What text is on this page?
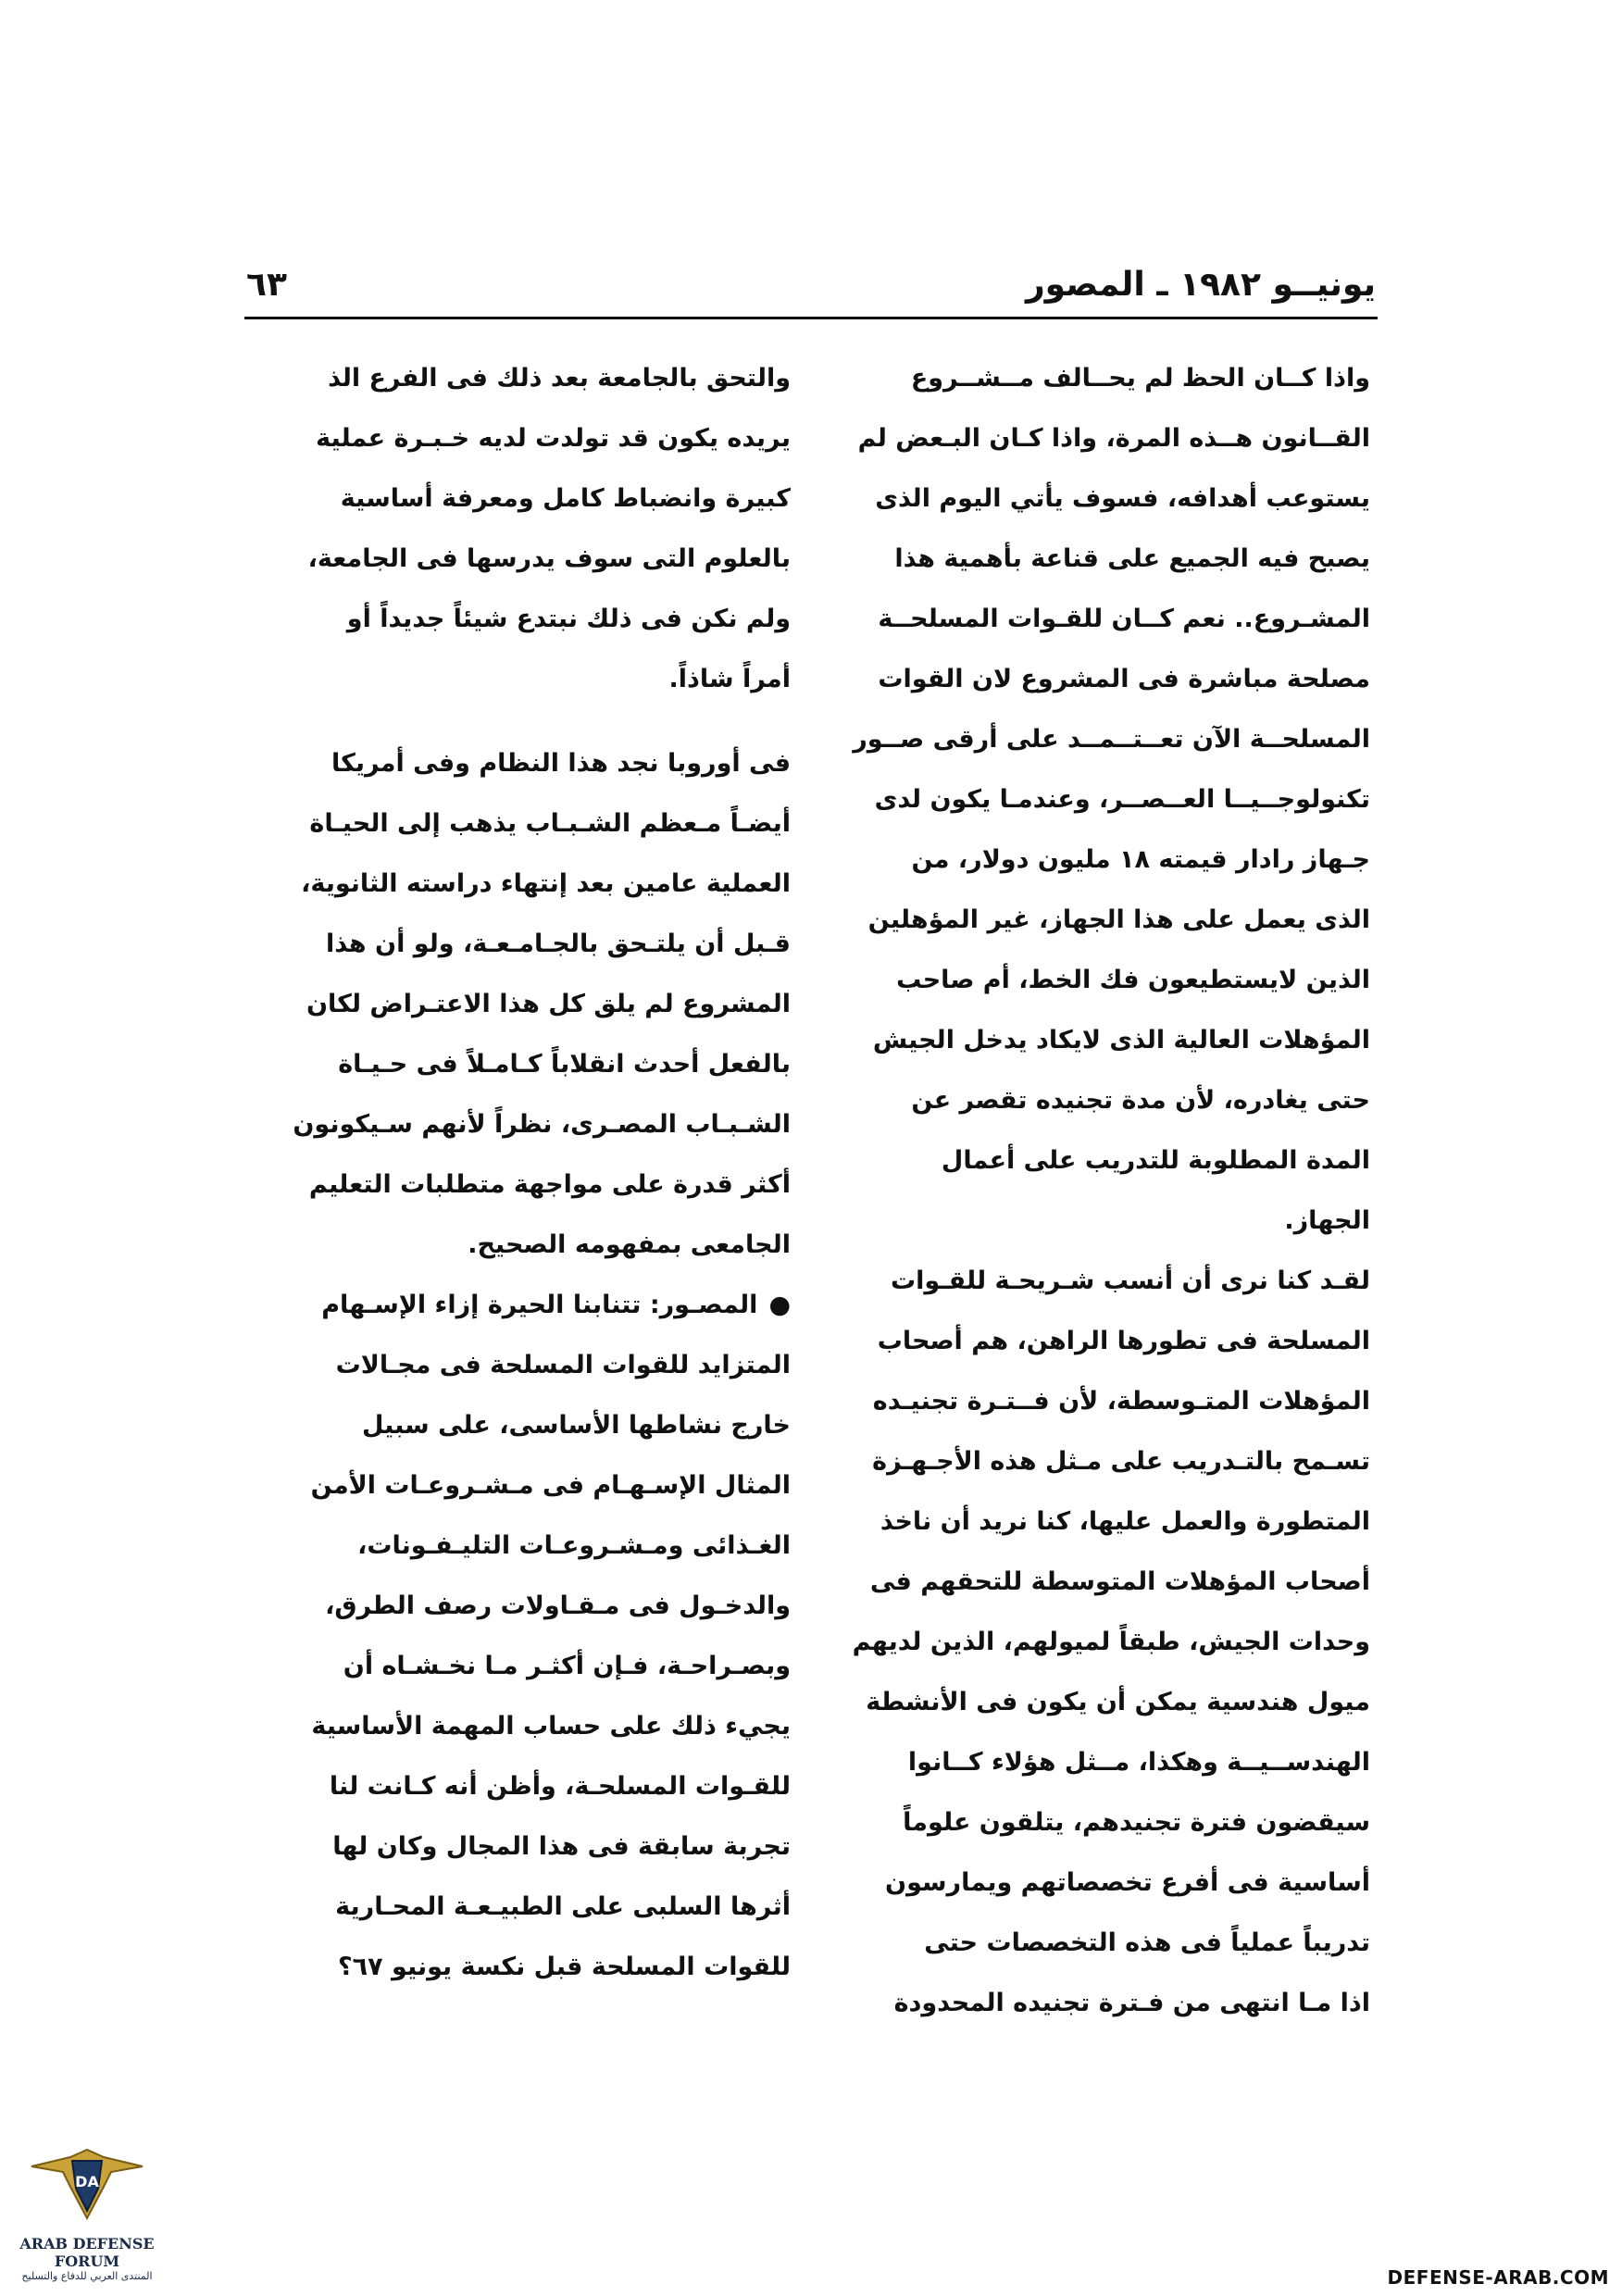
٦٣	يونيــو ١٩٨٢ ـ المصور

واذا كــان الحظ لم يحــالف مــشــروع

القــانون هــذه المرة، واذا كـان البـعض لم

يستوعب أهدافه، فسوف يأتي اليوم الذى

يصبح فيه الجميع على قناعة بأهمية هذا

المشـروع.. نعم كــان للقـوات المسلحــة

مصلحة مباشرة فى المشروع لان القوات

المسلحــة الآن تعــتــمــد على أرقى صــور

تكنولوجــيــا العــصــر، وعندمـا يكون لدى

جـهاز رادار قيمته ١٨ مليون دولار، من

الذى يعمل على هذا الجهاز، غير المؤهلين

الذين لايستطيعون فك الخط، أم صاحب

المؤهلات العالية الذى لايكاد يدخل الجيش

حتى يغادره، لأن مدة تجنيده تقصر عن

المدة المطلوبة للتدريب على أعمال الجهاز.

لقـد كنا نرى أن أنسب شـريحـة للقـوات

المسلحة فى تطورها الراهن، هم أصحاب

المؤهلات المتـوسطة، لأن فــتـرة تجنيـده

تسـمح بالتـدريب على مـثل هذه الأجـهـزة

المتطورة والعمل عليها، كنا نريد أن ناخذ

أصحاب المؤهلات المتوسطة للتحقهم فى

وحدات الجيش، طبقاً لميولهم، الذين لديهم

ميول هندسية يمكن أن يكون فى الأنشطة

الهندســيــة وهكذا، مــثل هؤلاء كــانوا

سيقضون فترة تجنيدهم، يتلقون علوماً

أساسية فى أفرع تخصصاتهم ويمارسون

تدريباً عملياً فى هذه التخصصات حتى

اذا مـا انتهى من فـترة تجنيده المحدودة

والتحق بالجامعة بعد ذلك فى الفرع الذ

يريده يكون قد تولدت لديه خـبـرة عملية

كبيرة وانضباط كامل ومعرفة أساسية

بالعلوم التى سوف يدرسها فى الجامعة،

ولم نكن فى ذلك نبتدع شيئاً جديداً أو

أمراً شاذاً.

فى أوروبا نجد هذا النظام وفى أمريكا

أيضـاً مـعظم الشـبـاب يذهب إلى الحيـاة

العملية عامين بعد إنتهاء دراسته الثانوية،

قـبل أن يلتـحق بالجـامـعـة، ولو أن هذا

المشروع لم يلق كل هذا الاعتـراض لكان

بالفعل أحدث انقلاباً كـامـلاً فى حـيـاة

الشـبـاب المصـرى، نظراً لأنهم سـيكونون

أكثر قدرة على مواجهة متطلبات التعليم

الجامعى بمفهومه الصحيح.

●المصـور: تتنابنا الحيرة إزاء الإسـهام

المتزايد للقوات المسلحة فى مجـالات

خارج نشاطها الأساسى، على سبيل

المثال الإسـهـام فى مـشـروعـات الأمن

الغـذائى ومـشـروعـات التليـفـونات،

والدخـول فى مـقـاولات رصف الطرق،

وبصـراحـة، فـإن أكثـر مـا نخـشـاه أن

يجيء ذلك على حساب المهمة الأساسية

للقـوات المسلحـة، وأظن أنه كـانت لنا

تجربة سابقة فى هذا المجال وكان لها

أثرها السلبى على الطبيـعـة المحـارية

للقوات المسلحة قبل نكسة يونيو ٦٧؟

DA
ARAB DEFENSE FORUM
المنتدى العربي للدفاع والتسليح	DEFENSE-ARAB.COM
